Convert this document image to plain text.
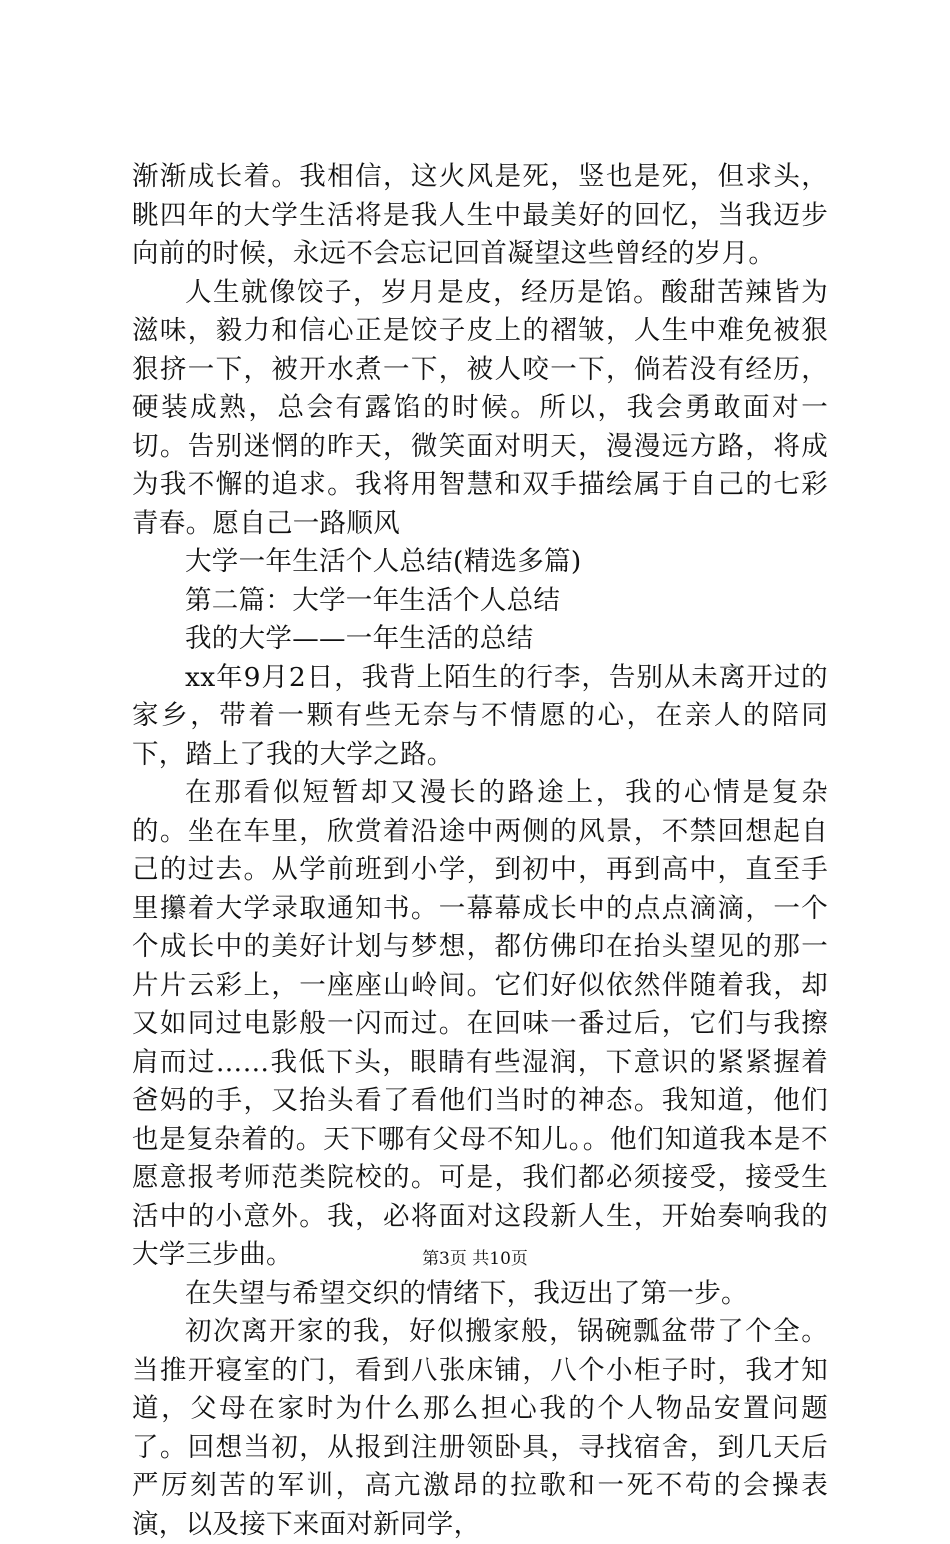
渐渐成长着。我相信，这火风是死，竖也是死，但求头，眺四年的大学生活将是我人生中最美好的回忆，当我迈步向前的时候，永远不会忘记回首凝望这些曾经的岁月。

人生就像饺子，岁月是皮，经历是馅。酸甜苦辣皆为滋味，毅力和信心正是饺子皮上的褶皱，人生中难免被狠狠挤一下，被开水煮一下，被人咬一下，倘若没有经历，硬装成熟，总会有露馅的时候。所以，我会勇敢面对一切。告别迷惘的昨天，微笑面对明天，漫漫远方路，将成为我不懈的追求。我将用智慧和双手描绘属于自己的七彩青春。愿自己一路顺风

大学一年生活个人总结(精选多篇)

第二篇：大学一年生活个人总结

我的大学——一年生活的总结

xx年9月2日，我背上陌生的行李，告别从未离开过的家乡，带着一颗有些无奈与不情愿的心，在亲人的陪同下，踏上了我的大学之路。

在那看似短暂却又漫长的路途上，我的心情是复杂的。坐在车里，欣赏着沿途中两侧的风景，不禁回想起自己的过去。从学前班到小学，到初中，再到高中，直至手里攥着大学录取通知书。一幕幕成长中的点点滴滴，一个个成长中的美好计划与梦想，都仿佛印在抬头望见的那一片片云彩上，一座座山岭间。它们好似依然伴随着我，却又如同过电影般一闪而过。在回味一番过后，它们与我擦肩而过……我低下头，眼睛有些湿润，下意识的紧紧握着爸妈的手，又抬头看了看他们当时的神态。我知道，他们也是复杂着的。天下哪有父母不知儿。。他们知道我本是不愿意报考师范类院校的。可是，我们都必须接受，接受生活中的小意外。我，必将面对这段新人生，开始奏响我的大学三步曲。

在失望与希望交织的情绪下，我迈出了第一步。

初次离开家的我，好似搬家般，锅碗瓢盆带了个全。当推开寝室的门，看到八张床铺，八个小柜子时，我才知道，父母在家时为什么那么担心我的个人物品安置问题了。回想当初，从报到注册领卧具，寻找宿舍，到几天后严厉刻苦的军训，高亢激昂的拉歌和一死不苟的会操表演，以及接下来面对新同学，

第3页 共10页
